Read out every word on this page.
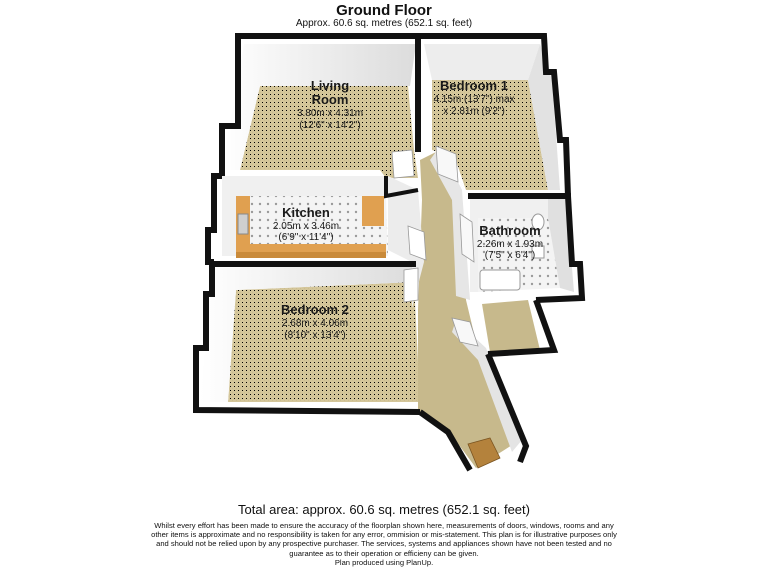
Ground Floor
Approx. 60.6 sq. metres (652.1 sq. feet)
Living
Room
3.80m x 4.31m
(12'6" x 14'2")
Bedroom 1
4.15m (13'7") max
x 2.81m (9'2")
Kitchen
2.05m x 3.46m
(6'9" x 11'4")	Bathroom
2.26m x 1.93m
(7'5" x 6'4")
Bedroom 2
2.68m x 4.06m
(8'10" x 13'4")
Total area: approx. 60.6 sq. metres (652.1 sq. feet)
Whilst every effort has been made to ensure the accuracy of the floorplan shown here, measurements of doors, windows, rooms and any
other items is approximate and no responsibility is taken for any error, ommision or mis-statement. This plan is for illustrative purposes only
and should not be relied upon by any prospective purchaser. The services, systems and appliances shown have not been tested and no
guarantee as to their operation or efficieny can be given.
Plan produced using PlanUp.
